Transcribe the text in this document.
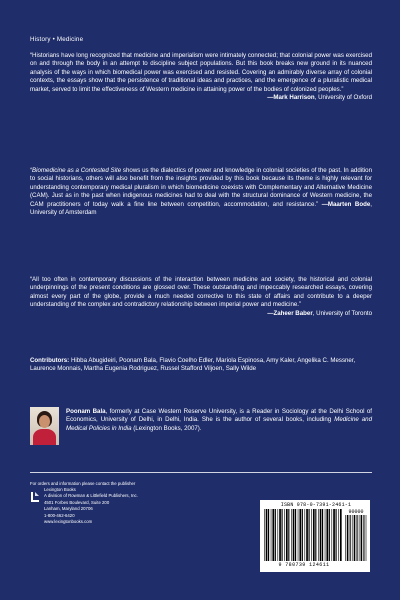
History • Medicine
“Historians have long recognized that medicine and imperialism were intimately connected; that colonial power was exercised on and through the body in an attempt to discipline subject populations. But this book breaks new ground in its nuanced analysis of the ways in which biomedical power was exercised and resisted. Covering an admirably diverse array of colonial contexts, the essays show that the persistence of traditional ideas and practices, and the emergence of a pluralistic medical market, served to limit the effectiveness of Western medicine in attaining power of the bodies of colonized peoples.”
—Mark Harrison, University of Oxford
“Biomedicine as a Contested Site shows us the dialectics of power and knowledge in colonial societies of the past. In addition to social historians, others will also benefit from the insights provided by this book because its theme is highly relevant for understanding contemporary medical pluralism in which biomedicine coexists with Complementary and Alternative Medicine (CAM). Just as in the past when indigenous medicines had to deal with the structural dominance of Western medicine, the CAM practitioners of today walk a fine line between competition, accommodation, and resistance.” —Maarten Bode, University of Amsterdam
“All too often in contemporary discussions of the interaction between medicine and society, the historical and colonial underpinnings of the present conditions are glossed over. These outstanding and impeccably researched essays, covering almost every part of the globe, provide a much needed corrective to this state of affairs and contribute to a deeper understanding of the complex and contradictory relationship between imperial power and medicine.”
—Zaheer Baber, University of Toronto
Contributors: Hibba Abugideiri, Poonam Bala, Flavio Coelho Edler, Mariola Espinosa, Amy Kaler, Angelika C. Messner, Laurence Monnais, Martha Eugenia Rodriguez, Russel Stafford Viljoen, Sally Wilde
Poonam Bala, formerly at Case Western Reserve University, is a Reader in Sociology at the Delhi School of Economics, University of Delhi, in Delhi, India. She is the author of several books, including Medicine and Medical Policies in India (Lexington Books, 2007).
For orders and information please contact the publisher
Lexington Books
A division of Rowman & Littlefield Publishers, Inc.
4501 Forbes Boulevard, Suite 200
Lanham, Maryland 20706
1-800-462-6420
www.lexingtonbooks.com
ISBN 978-0-7391-2461-1
90000
9 780739 124611
